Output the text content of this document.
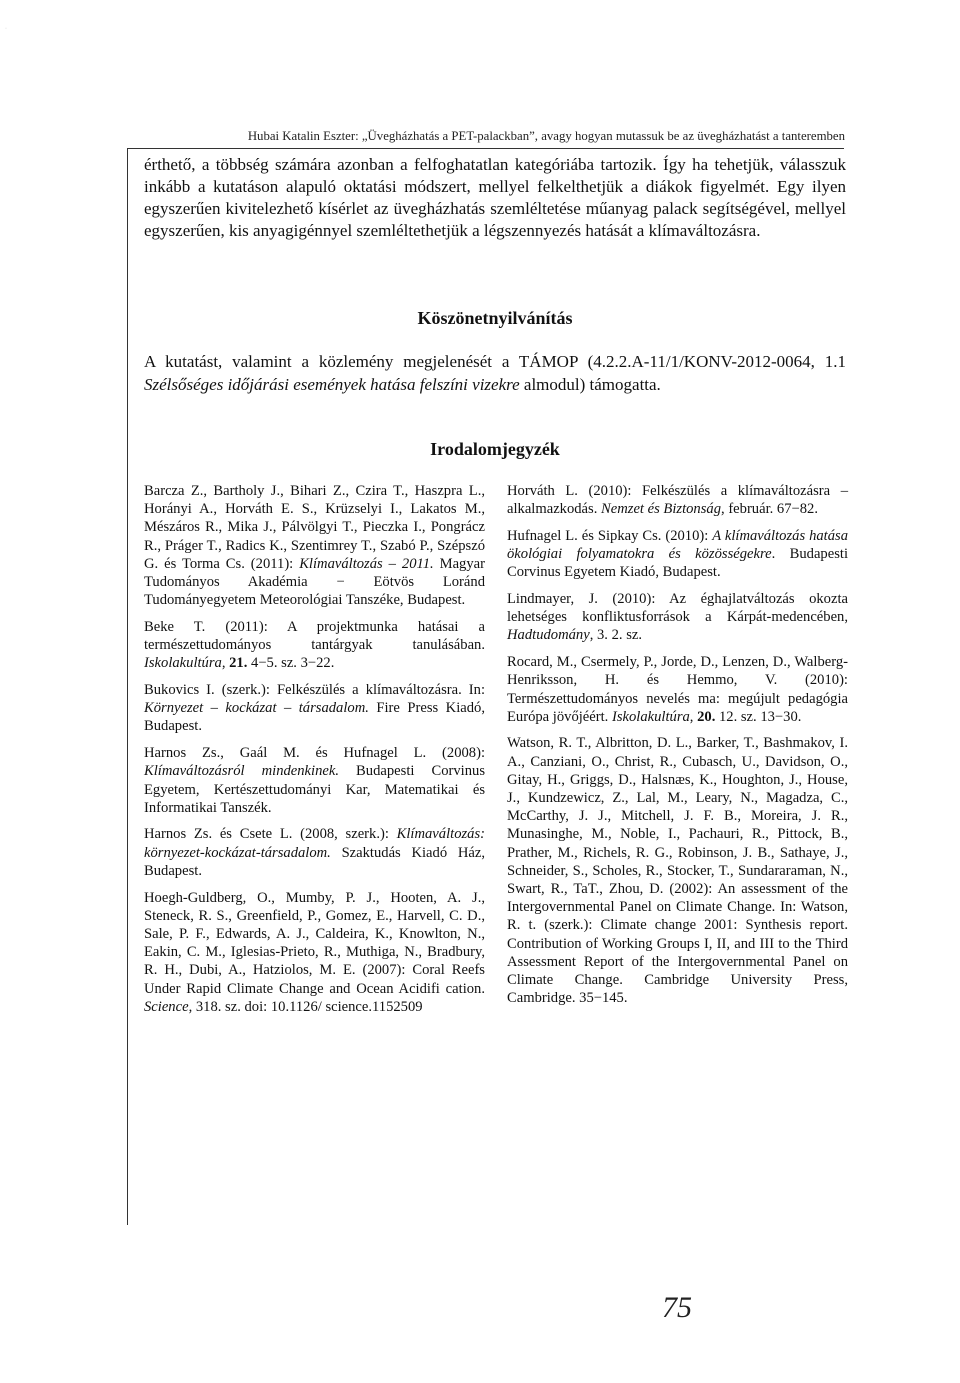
·
Hubai Katalin Eszter: „Üvegházhatás a PET-palackban”, avagy hogyan mutassuk be az üvegházhatást a tanteremben

érthető, a többség számára azonban a felfoghatatlan kategóriába tartozik. Így ha tehetjük, válasszuk inkább a kutatáson alapuló oktatási módszert, mellyel felkelthetjük a diákok figyelmét. Egy ilyen egyszerűen kivitelezhető kísérlet az üvegházhatás szemléltetése műanyag palack segítségével, mellyel egyszerűen, kis anyagigénnyel szemléltethetjük a légszennyezés hatását a klímaváltozásra.

Köszönetnyilvánítás

A kutatást, valamint a közlemény megjelenését a TÁMOP (4.2.2.A-11/1/KONV-2012-0064, 1.1 Szélsőséges időjárási események hatása felszíni vizekre almodul) támogatta.

Irodalomjegyzék

Barcza Z., Bartholy J., Bihari Z., Czira T., Haszpra L., Horányi A., Horváth E. S., Krüzselyi I., Lakatos M., Mészáros R., Mika J., Pálvölgyi T., Pieczka I., Pongrácz R., Práger T., Radics K., Szentimrey T., Szabó P., Szépszó G. és Torma Cs. (2011): Klímaváltozás – 2011. Magyar Tudományos Akadémia − Eötvös Loránd Tudományegyetem Meteorológiai Tanszéke, Budapest.

Beke T. (2011): A projektmunka hatásai a természettudományos tantárgyak tanulásában. Iskolakultúra, 21. 4−5. sz. 3−22.

Bukovics I. (szerk.): Felkészülés a klímaváltozásra. In: Környezet – kockázat – társadalom. Fire Press Kiadó, Budapest.

Harnos Zs., Gaál M. és Hufnagel L. (2008): Klímaváltozásról mindenkinek. Budapesti Corvinus Egyetem, Kertészettudományi Kar, Matematikai és Informatikai Tanszék.

Harnos Zs. és Csete L. (2008, szerk.): Klímaváltozás: környezet-kockázat-társadalom. Szaktudás Kiadó Ház, Budapest.

Hoegh-Guldberg, O., Mumby, P. J., Hooten, A. J., Steneck, R. S., Greenfield, P., Gomez, E., Harvell, C. D., Sale, P. F., Edwards, A. J., Caldeira, K., Knowlton, N., Eakin, C. M., Iglesias-Prieto, R., Muthiga, N., Bradbury, R. H., Dubi, A., Hatziolos, M. E. (2007): Coral Reefs Under Rapid Climate Change and Ocean Acidifi cation. Science, 318. sz. doi: 10.1126/ science.1152509

Horváth L. (2010): Felkészülés a klímaváltozásra – alkalmazkodás. Nemzet és Biztonság, február. 67−82.

Hufnagel L. és Sipkay Cs. (2010): A klímaváltozás hatása ökológiai folyamatokra és közösségekre. Budapesti Corvinus Egyetem Kiadó, Budapest.

Lindmayer, J. (2010): Az éghajlatváltozás okozta lehetséges konfliktusforrások a Kárpát-medencében, Hadtudomány, 3. 2. sz.

Rocard, M., Csermely, P., Jorde, D., Lenzen, D., Walberg-Henriksson, H. és Hemmo, V. (2010): Természettudományos nevelés ma: megújult pedagógia Európa jövőjéért. Iskolakultúra, 20. 12. sz. 13−30.

Watson, R. T., Albritton, D. L., Barker, T., Bashmakov, I. A., Canziani, O., Christ, R., Cubasch, U., Davidson, O., Gitay, H., Griggs, D., Halsnæs, K., Houghton, J., House, J., Kundzewicz, Z., Lal, M., Leary, N., Magadza, C., McCarthy, J. J., Mitchell, J. F. B., Moreira, J. R., Munasinghe, M., Noble, I., Pachauri, R., Pittock, B., Prather, M., Richels, R. G., Robinson, J. B., Sathaye, J., Schneider, S., Scholes, R., Stocker, T., Sundararaman, N., Swart, R., TaT., Zhou, D. (2002): An assessment of the Intergovernmental Panel on Climate Change. In: Watson, R. t. (szerk.): Climate change 2001: Synthesis report. Contribution of Working Groups I, II, and III to the Third Assessment Report of the Intergovernmental Panel on Climate Change. Cambridge University Press, Cambridge. 35−145.

75
